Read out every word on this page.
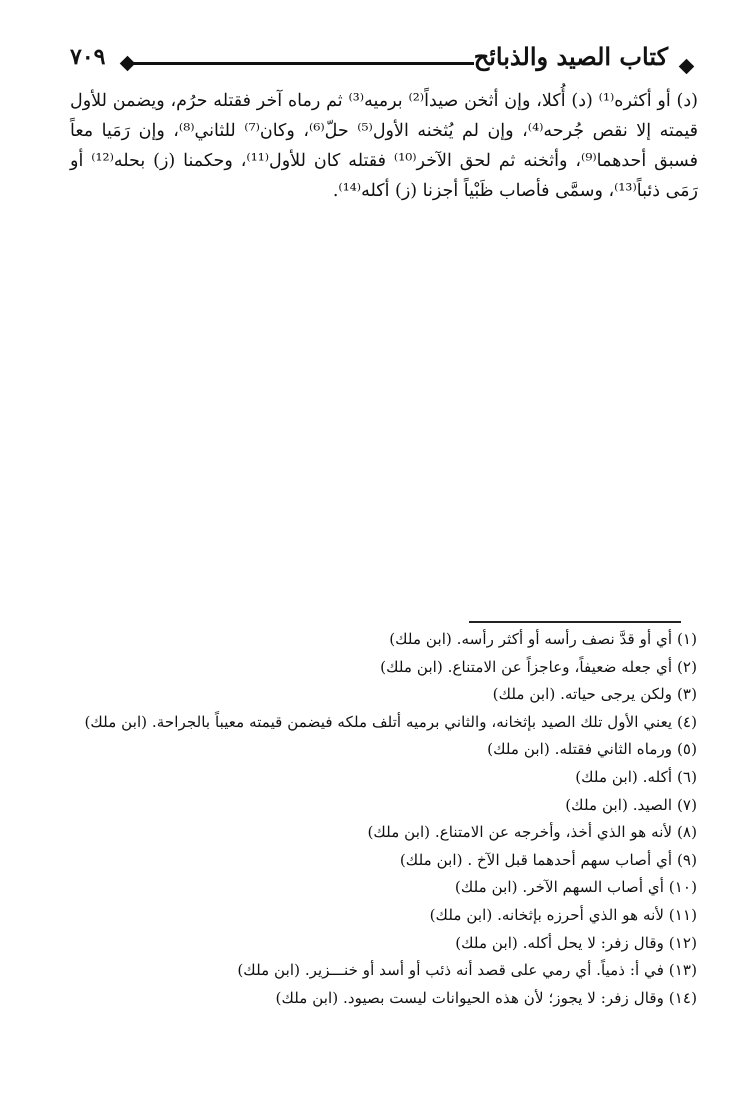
كتاب الصيد والذبائح
٧٠٩
(د) أو أكثره⁽¹⁾ (د) أُكلا، وإن أثخن صيداً⁽²⁾ برميه⁽³⁾ ثم رماه آخر فقتله حرُم، ويضمن للأول قيمته إلا نقص جُرحه⁽⁴⁾، وإن لم يُثخنه الأول⁽⁵⁾ حلّ⁽⁶⁾، وكان⁽⁷⁾ للثاني⁽⁸⁾، وإن رَمَيا معاً فسبق أحدهما⁽⁹⁾، وأثخنه ثم لحق الآخر⁽¹⁰⁾ فقتله كان للأول⁽¹¹⁾، وحكمنا (ز) بحله⁽¹²⁾ أو رَمَى ذئباً⁽¹³⁾، وسمَّى فأصاب ظَبْياً أجزنا (ز) أكله⁽¹⁴⁾.

(١) أي أو قدَّ نصف رأسه أو أكثر رأسه. (ابن ملك)

(٢) أي جعله ضعيفاً، وعاجزاً عن الامتناع. (ابن ملك)

(٣) ولكن يرجى حياته. (ابن ملك)

(٤) يعني الأول تلك الصيد بإثخانه، والثاني برميه أتلف ملكه فيضمن قيمته معيباً بالجراحة. (ابن ملك)

(٥) ورماه الثاني فقتله. (ابن ملك)

(٦) أكله. (ابن ملك)

(٧) الصيد. (ابن ملك)

(٨) لأنه هو الذي أخذ، وأخرجه عن الامتناع. (ابن ملك)

(٩) أي أصاب سهم أحدهما قبل الآخ . (ابن ملك)

(١٠) أي أصاب السهم الآخر. (ابن ملك)

(١١) لأنه هو الذي أحرزه بإثخانه. (ابن ملك)

(١٢) وقال زفر: لا يحل أكله. (ابن ملك)

(١٣) في أ: ذمياً. أي رمي على قصد أنه ذئب أو أسد أو خنـــزير. (ابن ملك)

(١٤) وقال زفر: لا يجوز؛ لأن هذه الحيوانات ليست بصيود. (ابن ملك)
